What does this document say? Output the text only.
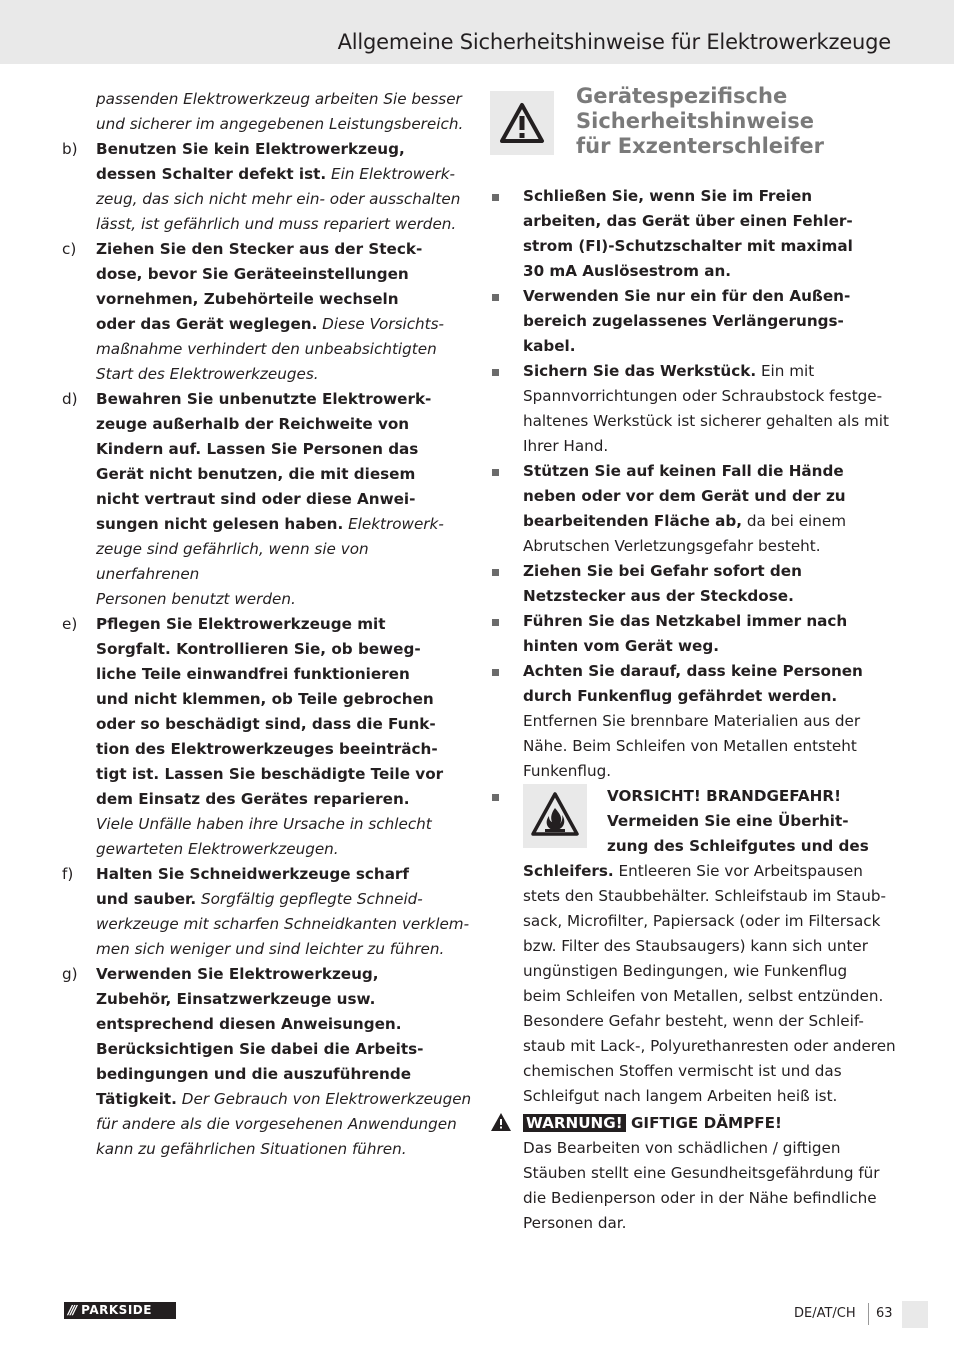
Allgemeine Sicherheitshinweise für Elektrowerkzeuge
passenden Elektrowerkzeug arbeiten Sie besser
und sicherer im angegebenen Leistungsbereich.
b) Benutzen Sie kein Elektrowerkzeug,
dessen Schalter defekt ist. Ein Elektrowerk-
zeug, das sich nicht mehr ein- oder ausschalten
lässt, ist gefährlich und muss repariert werden.
c) Ziehen Sie den Stecker aus der Steck-
dose, bevor Sie Geräteeinstellungen
vornehmen, Zubehörteile wechseln
oder das Gerät weglegen. Diese Vorsichts-
maßnahme verhindert den unbeabsichtigten
Start des Elektrowerkzeuges.
d) Bewahren Sie unbenutzte Elektrowerk-
zeuge außerhalb der Reichweite von
Kindern auf. Lassen Sie Personen das
Gerät nicht benutzen, die mit diesem
nicht vertraut sind oder diese Anwei-
sungen nicht gelesen haben. Elektrowerk-
zeuge sind gefährlich, wenn sie von unerfahrenen
Personen benutzt werden.
e) Pflegen Sie Elektrowerkzeuge mit
Sorgfalt. Kontrollieren Sie, ob beweg-
liche Teile einwandfrei funktionieren
und nicht klemmen, ob Teile gebrochen
oder so beschädigt sind, dass die Funk-
tion des Elektrowerkzeuges beeinträch-
tigt ist. Lassen Sie beschädigte Teile vor
dem Einsatz des Gerätes reparieren.
Viele Unfälle haben ihre Ursache in schlecht
gewarteten Elektrowerkzeugen.
f) Halten Sie Schneidwerkzeuge scharf
und sauber. Sorgfältig gepflegte Schneid-
werkzeuge mit scharfen Schneidkanten verklem-
men sich weniger und sind leichter zu führen.
g) Verwenden Sie Elektrowerkzeug,
Zubehör, Einsatzwerkzeuge usw.
entsprechend diesen Anweisungen.
Berücksichtigen Sie dabei die Arbeits-
bedingungen und die auszuführende
Tätigkeit. Der Gebrauch von Elektrowerkzeugen
für andere als die vorgesehenen Anwendungen
kann zu gefährlichen Situationen führen.
Gerätespezifische
Sicherheitshinweise
für Exzenterschleifer
Schließen Sie, wenn Sie im Freien
arbeiten, das Gerät über einen Fehler-
strom (FI)-Schutzschalter mit maximal
30 mA Auslösestrom an.
Verwenden Sie nur ein für den Außen-
bereich zugelassenes Verlängerungs-
kabel.
Sichern Sie das Werkstück. Ein mit
Spannvorrichtungen oder Schraubstock festge-
haltenes Werkstück ist sicherer gehalten als mit
Ihrer Hand.
Stützen Sie auf keinen Fall die Hände
neben oder vor dem Gerät und der zu
bearbeitenden Fläche ab, da bei einem
Abrutschen Verletzungsgefahr besteht.
Ziehen Sie bei Gefahr sofort den
Netzstecker aus der Steckdose.
Führen Sie das Netzkabel immer nach
hinten vom Gerät weg.
Achten Sie darauf, dass keine Personen
durch Funkenflug gefährdet werden.
Entfernen Sie brennbare Materialien aus der
Nähe. Beim Schleifen von Metallen entsteht
Funkenflug.
VORSICHT! BRANDGEFAHR!
Vermeiden Sie eine Überhit-
zung des Schleifgutes und des
Schleifers. Entleeren Sie vor Arbeitspausen
stets den Staubbehälter. Schleifstaub im Staub-
sack, Microfilter, Papiersack (oder im Filtersack
bzw. Filter des Staubsaugers) kann sich unter
ungünstigen Bedingungen, wie Funkenflug
beim Schleifen von Metallen, selbst entzünden.
Besondere Gefahr besteht, wenn der Schleif-
staub mit Lack-, Polyurethanresten oder anderen
chemischen Stoffen vermischt ist und das
Schleifgut nach langem Arbeiten heiß ist.
WARNUNG! GIFTIGE DÄMPFE!
Das Bearbeiten von schädlichen / giftigen
Stäuben stellt eine Gesundheitsgefährdung für
die Bedienperson oder in der Nähe befindliche
Personen dar.
/// PARKSIDE	DE/AT/CH 63
